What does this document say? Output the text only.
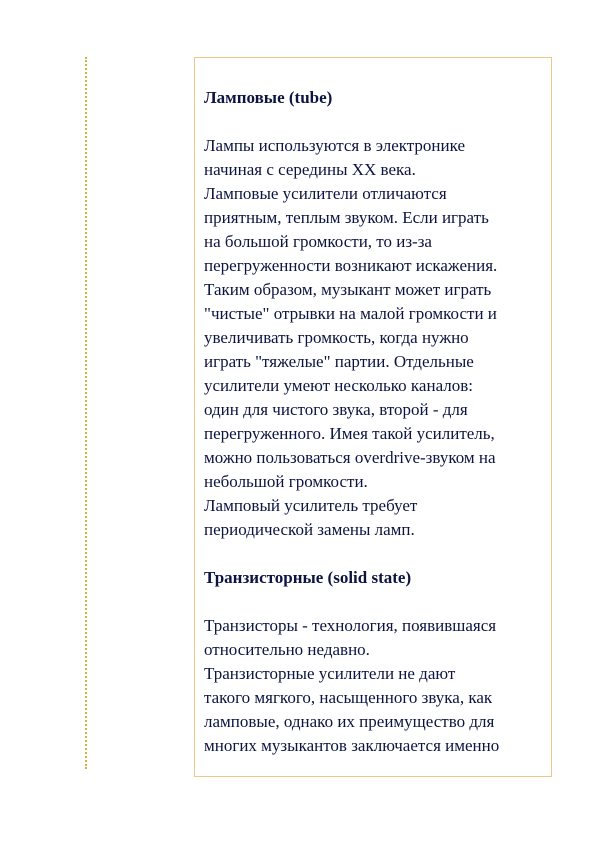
Ламповые (tube)

Лампы используются в электронике
начиная с середины XX века.

Ламповые усилители отличаются
приятным, теплым звуком. Если играть
на большой громкости, то из-за
перегруженности возникают искажения.
Таким образом, музыкант может играть
"чистые" отрывки на малой громкости и
увеличивать громкость, когда нужно
играть "тяжелые" партии. Отдельные
усилители умеют несколько каналов:
один для чистого звука, второй - для
перегруженного. Имея такой усилитель,
можно пользоваться overdrive-звуком на
небольшой громкости.

Ламповый усилитель требует
периодической замены ламп.

Транзисторные (solid state)

Транзисторы - технология, появившаяся
относительно недавно.

Транзисторные усилители не дают
такого мягкого, насыщенного звука, как
ламповые, однако их преимущество для
многих музыкантов заключается именно
